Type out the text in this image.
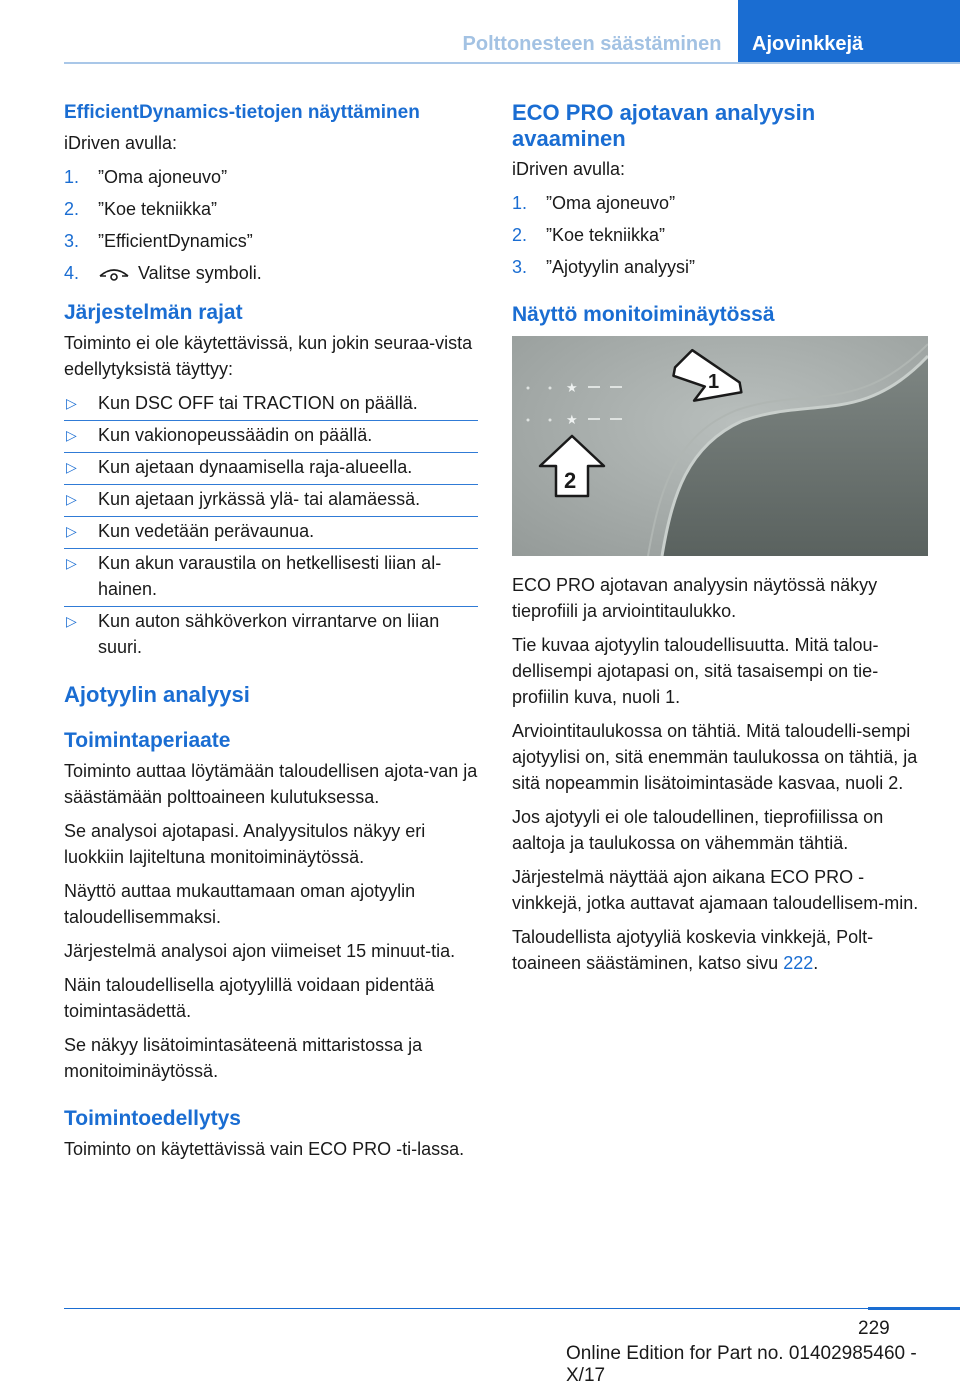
Polttonesteen säästäminen	Ajovinkkejä
EfficientDynamics-tietojen näyttäminen

iDriven avulla:

1. ”Oma ajoneuvo”
2. ”Koe tekniikka”
3. ”EfficientDynamics”
4.	Valitse symboli.
Järjestelmän rajat

Toiminto ei ole käytettävissä, kun jokin seuraa-vista edellytyksistä täyttyy:

▷ Kun DSC OFF tai TRACTION on päällä.
▷ Kun vakionopeussäädin on päällä.
▷ Kun ajetaan dynaamisella raja-alueella.
▷ Kun ajetaan jyrkässä ylä- tai alamäessä.
▷ Kun vedetään perävaunua.
▷ Kun akun varaustila on hetkellisesti liian al-hainen.
▷ Kun auton sähköverkon virrantarve on liian suuri.
Ajotyylin analyysi
Toimintaperiaate

Toiminto auttaa löytämään taloudellisen ajota-van ja säästämään polttoaineen kulutuksessa.

Se analysoi ajotapasi. Analyysitulos näkyy eri luokkiin lajiteltuna monitoiminäytössä.

Näyttö auttaa mukauttamaan oman ajotyylin taloudellisemmaksi.

Järjestelmä analysoi ajon viimeiset 15 minuut-tia.

Näin taloudellisella ajotyylillä voidaan pidentää toimintasädettä.

Se näkyy lisätoimintasäteenä mittaristossa ja monitoiminäytössä.

Toimintoedellytys

Toiminto on käytettävissä vain ECO PRO -ti-lassa.

ECO PRO ajotavan analyysin avaaminen

iDriven avulla:

1. ”Oma ajoneuvo”
2. ”Koe tekniikka”
3. ”Ajotyylin analyysi”
Näyttö monitoiminäytössä
★
★
1
2

ECO PRO ajotavan analyysin näytössä näkyy tieprofiili ja arviointitaulukko.

Tie kuvaa ajotyylin taloudellisuutta. Mitä talou-dellisempi ajotapasi on, sitä tasaisempi on tie-profiilin kuva, nuoli 1.

Arviointitaulukossa on tähtiä. Mitä taloudelli-sempi ajotyylisi on, sitä enemmän taulukossa on tähtiä, ja sitä nopeammin lisätoimintasäde kasvaa, nuoli 2.

Jos ajotyyli ei ole taloudellinen, tieprofiilissa on aaltoja ja taulukossa on vähemmän tähtiä.

Järjestelmä näyttää ajon aikana ECO PRO -vinkkejä, jotka auttavat ajamaan taloudellisem-min.

Taloudellista ajotyyliä koskevia vinkkejä, Polt-toaineen säästäminen, katso sivu 222.

229
Online Edition for Part no. 01402985460 - X/17
